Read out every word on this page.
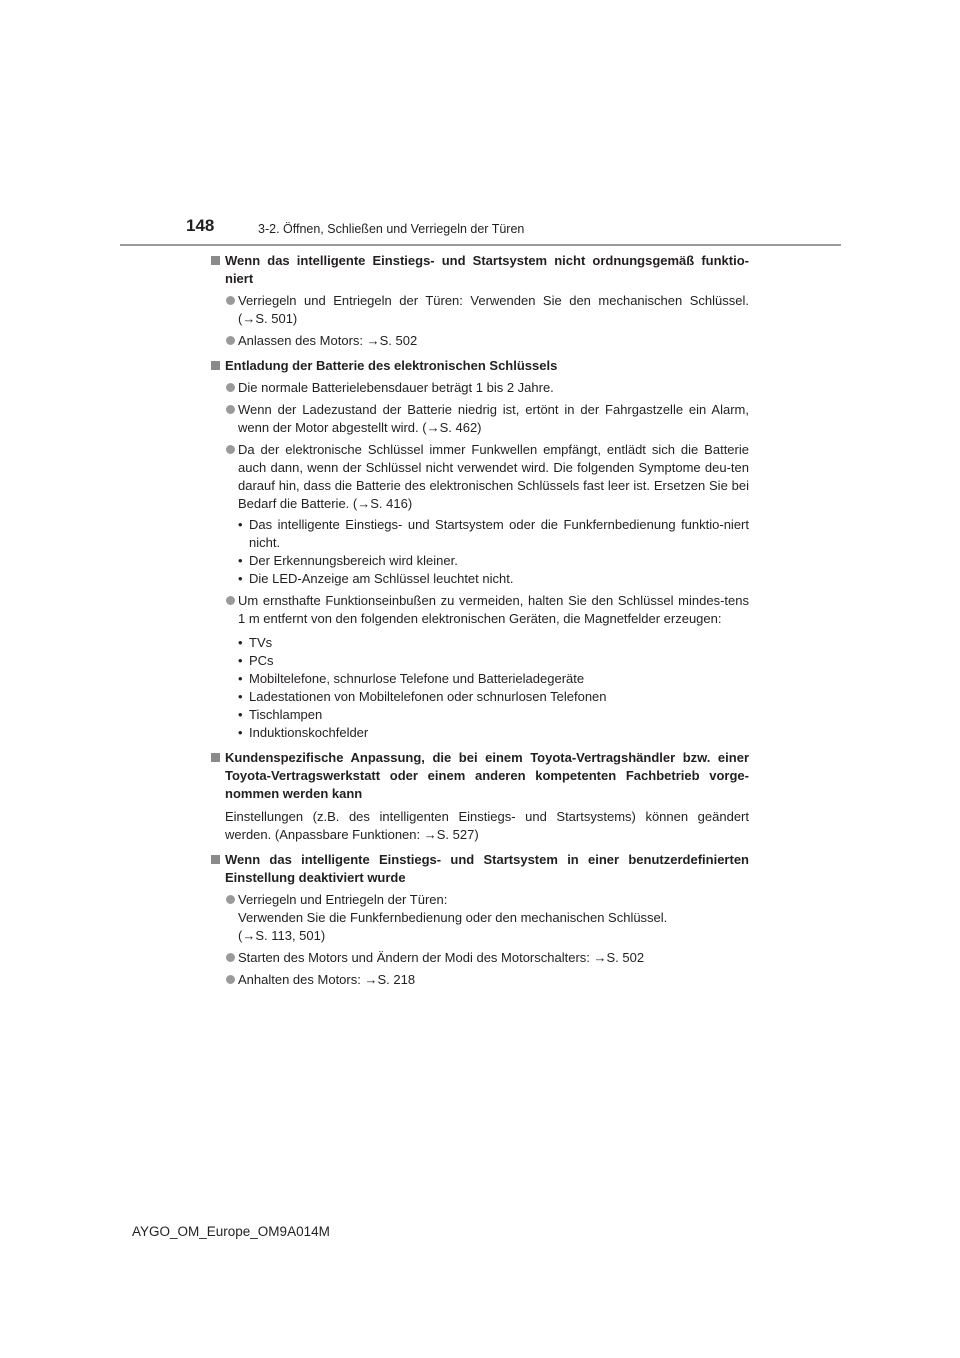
148	3-2. Öffnen, Schließen und Verriegeln der Türen
Wenn das intelligente Einstiegs- und Startsystem nicht ordnungsgemäß funktio-niert
Verriegeln und Entriegeln der Türen: Verwenden Sie den mechanischen Schlüssel. (→S. 501)
Anlassen des Motors: →S. 502
Entladung der Batterie des elektronischen Schlüssels
Die normale Batterielebensdauer beträgt 1 bis 2 Jahre.
Wenn der Ladezustand der Batterie niedrig ist, ertönt in der Fahrgastzelle ein Alarm, wenn der Motor abgestellt wird. (→S. 462)
Da der elektronische Schlüssel immer Funkwellen empfängt, entlädt sich die Batterie auch dann, wenn der Schlüssel nicht verwendet wird. Die folgenden Symptome deu-ten darauf hin, dass die Batterie des elektronischen Schlüssels fast leer ist. Ersetzen Sie bei Bedarf die Batterie. (→S. 416)
• Das intelligente Einstiegs- und Startsystem oder die Funkfernbedienung funktio-niert nicht.
• Der Erkennungsbereich wird kleiner.
• Die LED-Anzeige am Schlüssel leuchtet nicht.
Um ernsthafte Funktionseinbußen zu vermeiden, halten Sie den Schlüssel mindes-tens 1 m entfernt von den folgenden elektronischen Geräten, die Magnetfelder erzeugen:
• TVs
• PCs
• Mobiltelefone, schnurlose Telefone und Batterieladegeräte
• Ladestationen von Mobiltelefonen oder schnurlosen Telefonen
• Tischlampen
• Induktionskochfelder
Kundenspezifische Anpassung, die bei einem Toyota-Vertragshändler bzw. einer Toyota-Vertragswerkstatt oder einem anderen kompetenten Fachbetrieb vorge-nommen werden kann
Einstellungen (z.B. des intelligenten Einstiegs- und Startsystems) können geändert werden. (Anpassbare Funktionen: →S. 527)
Wenn das intelligente Einstiegs- und Startsystem in einer benutzerdefinierten Einstellung deaktiviert wurde
Verriegeln und Entriegeln der Türen:
Verwenden Sie die Funkfernbedienung oder den mechanischen Schlüssel.
(→S. 113, 501)
Starten des Motors und Ändern der Modi des Motorschalters: →S. 502
Anhalten des Motors: →S. 218
AYGO_OM_Europe_OM9A014M
